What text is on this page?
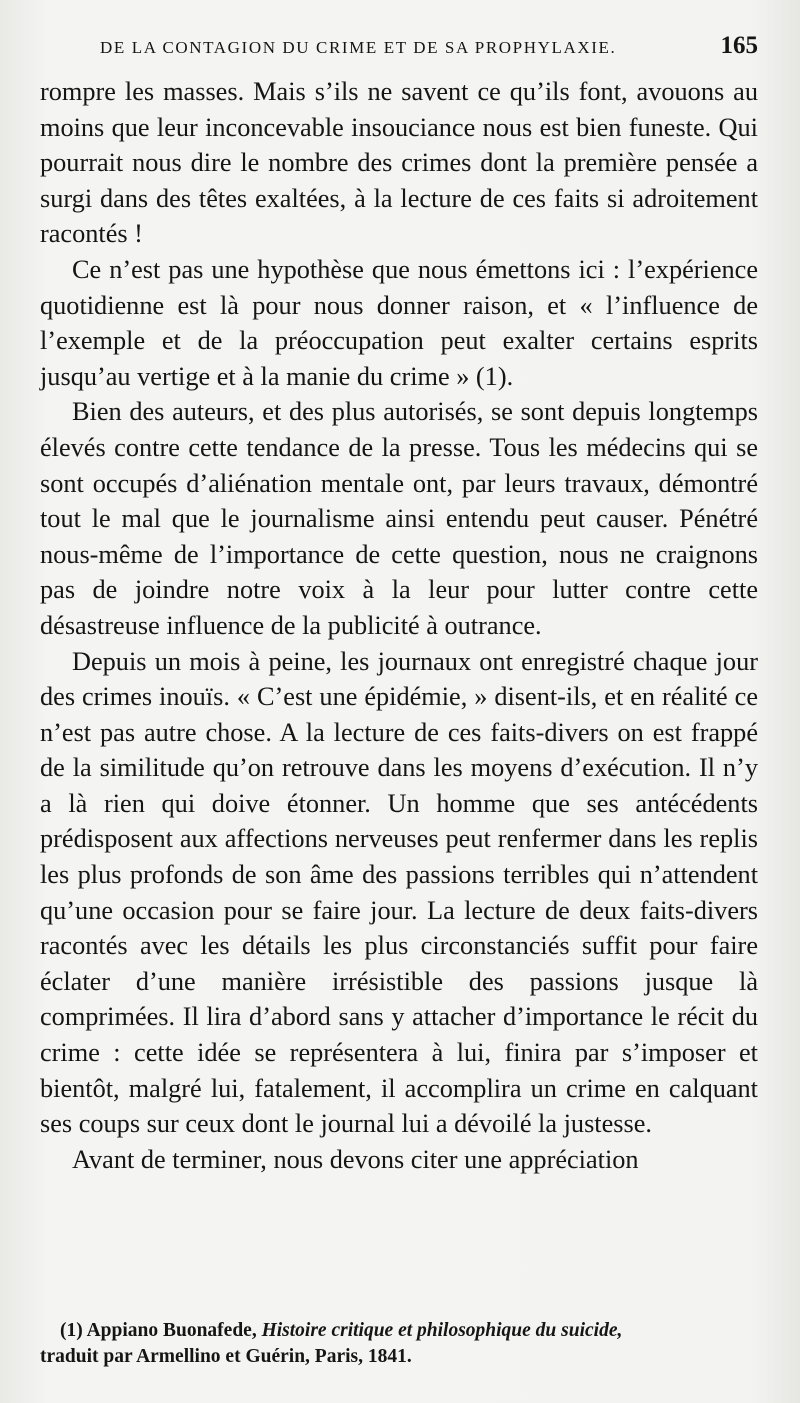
DE LA CONTAGION DU CRIME ET DE SA PROPHYLAXIE.	165

rompre les masses. Mais s’ils ne savent ce qu’ils font, avouons au moins que leur inconcevable insouciance nous est bien funeste. Qui pourrait nous dire le nombre des crimes dont la première pensée a surgi dans des têtes exaltées, à la lecture de ces faits si adroitement racontés !

Ce n’est pas une hypothèse que nous émettons ici : l’expérience quotidienne est là pour nous donner raison, et « l’influence de l’exemple et de la préoccupation peut exalter certains esprits jusqu’au vertige et à la manie du crime » (1).

Bien des auteurs, et des plus autorisés, se sont depuis longtemps élevés contre cette tendance de la presse. Tous les médecins qui se sont occupés d’aliénation mentale ont, par leurs travaux, démontré tout le mal que le journalisme ainsi entendu peut causer. Pénétré nous-même de l’importance de cette question, nous ne craignons pas de joindre notre voix à la leur pour lutter contre cette désastreuse influence de la publicité à outrance.

Depuis un mois à peine, les journaux ont enregistré chaque jour des crimes inouïs. « C’est une épidémie, » disent-ils, et en réalité ce n’est pas autre chose. A la lecture de ces faits-divers on est frappé de la similitude qu’on retrouve dans les moyens d’exécution. Il n’y a là rien qui doive étonner. Un homme que ses antécédents prédisposent aux affections nerveuses peut renfermer dans les replis les plus profonds de son âme des passions terribles qui n’attendent qu’une occasion pour se faire jour. La lecture de deux faits-divers racontés avec les détails les plus circonstanciés suffit pour faire éclater d’une manière irrésistible des passions jusque là comprimées. Il lira d’abord sans y attacher d’importance le récit du crime : cette idée se représentera à lui, finira par s’imposer et bientôt, malgré lui, fatalement, il accomplira un crime en calquant ses coups sur ceux dont le journal lui a dévoilé la justesse.

Avant de terminer, nous devons citer une appréciation

(1) Appiano Buonafede, Histoire critique et philosophique du suicide,
traduit par Armellino et Guérin, Paris, 1841.
